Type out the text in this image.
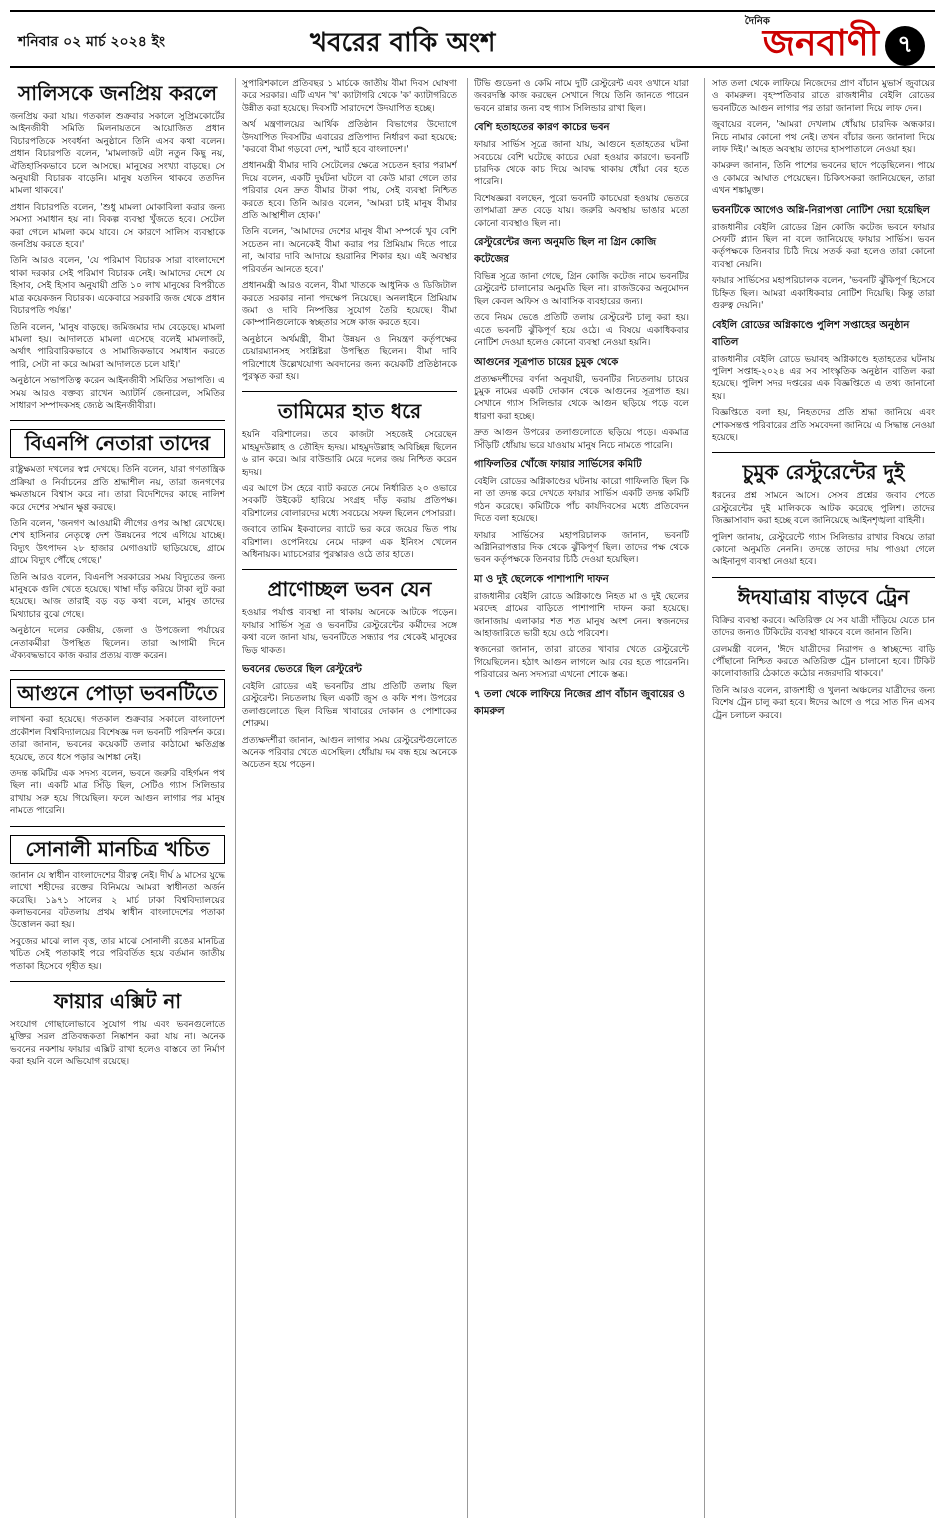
শনিবার ০২ মার্চ ২০২৪ ইং	খবরের বাকি অংশ
দৈনিক
জনবাণী ৭
সালিসকে জনপ্রিয় করলে

জনপ্রিয় করা যায়। গতকাল শুক্রবার সকালে সুপ্রিমকোর্টের আইনজীবী সমিতি মিলনায়তনে আয়োজিত প্রধান বিচারপতিকে সংবর্ধনা অনুষ্ঠানে তিনি এসব কথা বলেন। প্রধান বিচারপতি বলেন, 'মামলাজট এটা নতুন কিছু নয়, ঐতিহাসিকভাবে চলে আসছে। মানুষের সংখ্যা বাড়ছে। সে অনুযায়ী বিচারক বাড়েনি। মানুষ যতদিন থাকবে ততদিন মামলা থাকবে।'

প্রধান বিচারপতি বলেন, 'শুধু মামলা মোকাবিলা করার জন্য সমস্যা সমাধান হয় না। বিকল্প ব্যবস্থা খুঁজতে হবে। সেটেল করা গেলে মামলা কমে যাবে। সে কারণে সালিস ব্যবস্থাকে জনপ্রিয় করতে হবে।'

তিনি আরও বলেন, 'যে পরিমাণ বিচারক সারা বাংলাদেশে থাকা দরকার সেই পরিমাণ বিচারক নেই। আমাদের দেশে যে হিসাব, সেই হিসাব অনুযায়ী প্রতি ১০ লাখ মানুষের বিপরীতে মাত্র কয়েকজন বিচারক। একেবারে সরকারি জজ থেকে প্রধান বিচারপতি পর্যন্ত।'

তিনি বলেন, 'মানুষ বাড়ছে। জমিজমার দাম বেড়েছে। মামলা মামলা হয়। আদালতে মামলা এসেছে বলেই মামলাজট, অর্থাৎ পারিবারিকভাবে ও সামাজিকভাবে সমাধান করতে পারি, সেটা না করে আমরা আদালতে চলে যাই।'

অনুষ্ঠানে সভাপতিত্ব করেন আইনজীবী সমিতির সভাপতি। এ সময় আরও বক্তব্য রাখেন অ্যাটর্নি জেনারেল, সমিতির সাধারণ সম্পাদকসহ জ্যেষ্ঠ আইনজীবীরা।

বিএনপি নেতারা তাদের

রাষ্ট্রক্ষমতা দখলের স্বপ্ন দেখছে। তিনি বলেন, যারা গণতান্ত্রিক প্রক্রিয়া ও নির্বাচনের প্রতি শ্রদ্ধাশীল নয়, তারা জনগণের ক্ষমতায়নে বিশ্বাস করে না। তারা বিদেশিদের কাছে নালিশ করে দেশের সম্মান ক্ষুণ্ণ করছে।

তিনি বলেন, 'জনগণ আওয়ামী লীগের ওপর আস্থা রেখেছে। শেখ হাসিনার নেতৃত্বে দেশ উন্নয়নের পথে এগিয়ে যাচ্ছে। বিদ্যুৎ উৎপাদন ২৮ হাজার মেগাওয়াট ছাড়িয়েছে, গ্রামে গ্রামে বিদ্যুৎ পৌঁছে গেছে।'

তিনি আরও বলেন, বিএনপি সরকারের সময় বিদ্যুতের জন্য মানুষকে গুলি খেতে হয়েছে। খাম্বা দাঁড় করিয়ে টাকা লুট করা হয়েছে। আজ তারাই বড় বড় কথা বলে, মানুষ তাদের মিথ্যাচার বুঝে গেছে।

অনুষ্ঠানে দলের কেন্দ্রীয়, জেলা ও উপজেলা পর্যায়ের নেতাকর্মীরা উপস্থিত ছিলেন। তারা আগামী দিনে ঐক্যবদ্ধভাবে কাজ করার প্রত্যয় ব্যক্ত করেন।

আগুনে পোড়া ভবনটিতে

লাখনা করা হয়েছে। গতকাল শুক্রবার সকালে বাংলাদেশ প্রকৌশল বিশ্ববিদ্যালয়ের বিশেষজ্ঞ দল ভবনটি পরিদর্শন করে। তারা জানান, ভবনের কয়েকটি তলার কাঠামো ক্ষতিগ্রস্ত হয়েছে, তবে ধসে পড়ার আশঙ্কা নেই।

তদন্ত কমিটির এক সদস্য বলেন, ভবনে জরুরি বহির্গমন পথ ছিল না। একটি মাত্র সিঁড়ি ছিল, সেটিও গ্যাস সিলিন্ডার রাখায় সরু হয়ে গিয়েছিল। ফলে আগুন লাগার পর মানুষ নামতে পারেনি।

সোনালী মানচিত্র খচিত

জানান যে স্বাধীন বাংলাদেশের বীরত্ব নেই। দীর্ঘ ৯ মাসের যুদ্ধে লাখো শহীদের রক্তের বিনিময়ে আমরা স্বাধীনতা অর্জন করেছি। ১৯৭১ সালের ২ মার্চ ঢাকা বিশ্ববিদ্যালয়ের কলাভবনের বটতলায় প্রথম স্বাধীন বাংলাদেশের পতাকা উত্তোলন করা হয়।

সবুজের মাঝে লাল বৃত্ত, তার মাঝে সোনালী রঙের মানচিত্র খচিত সেই পতাকাই পরে পরিবর্তিত হয়ে বর্তমান জাতীয় পতাকা হিসেবে গৃহীত হয়।

ফায়ার এক্সিট না

সংযোগ গোছালোভাবে সুযোগ পায় এবং ভবনগুলোতে মুক্তির সরল প্রতিবন্ধকতা নিষ্কাশন করা যায় না। অনেক ভবনের নকশায় ফায়ার এক্সিট রাখা হলেও বাস্তবে তা নির্মাণ করা হয়নি বলে অভিযোগ রয়েছে।

সুপারিশকালে প্রতিবছর ১ মার্চকে জাতীয় বীমা দিবস ঘোষণা করে সরকার। এটি এখন 'খ' ক্যাটাগরি থেকে 'ক' ক্যাটাগরিতে উন্নীত করা হয়েছে। দিবসটি সারাদেশে উদযাপিত হচ্ছে।

অর্থ মন্ত্রণালয়ের আর্থিক প্রতিষ্ঠান বিভাগের উদ্যোগে উদযাপিত দিবসটির এবারের প্রতিপাদ্য নির্ধারণ করা হয়েছে: 'করবো বীমা গড়বো দেশ, স্মার্ট হবে বাংলাদেশ।'

প্রধানমন্ত্রী বীমার দাবি সেটেলের ক্ষেত্রে সচেতন হবার পরামর্শ দিয়ে বলেন, একটি দুর্ঘটনা ঘটলে বা কেউ মারা গেলে তার পরিবার যেন দ্রুত বীমার টাকা পায়, সেই ব্যবস্থা নিশ্চিত করতে হবে। তিনি আরও বলেন, 'আমরা চাই মানুষ বীমার প্রতি আস্থাশীল হোক।'

তিনি বলেন, 'আমাদের দেশের মানুষ বীমা সম্পর্কে খুব বেশি সচেতন না। অনেকেই বীমা করার পর প্রিমিয়াম দিতে পারে না, আবার দাবি আদায়ে হয়রানির শিকার হয়। এই অবস্থার পরিবর্তন আনতে হবে।'

প্রধানমন্ত্রী আরও বলেন, বীমা খাতকে আধুনিক ও ডিজিটাল করতে সরকার নানা পদক্ষেপ নিয়েছে। অনলাইনে প্রিমিয়াম জমা ও দাবি নিষ্পত্তির সুযোগ তৈরি হয়েছে। বীমা কোম্পানিগুলোকে স্বচ্ছতার সঙ্গে কাজ করতে হবে।

অনুষ্ঠানে অর্থমন্ত্রী, বীমা উন্নয়ন ও নিয়ন্ত্রণ কর্তৃপক্ষের চেয়ারম্যানসহ সংশ্লিষ্টরা উপস্থিত ছিলেন। বীমা দাবি পরিশোধে উল্লেখযোগ্য অবদানের জন্য কয়েকটি প্রতিষ্ঠানকে পুরস্কৃত করা হয়।

তামিমের হাত ধরে

হয়নি বরিশালের। তবে কাজটা সহজেই সেরেছেন মাহমুদউল্লাহ ও তৌহিদ হৃদয়। মাহমুদউল্লাহ অবিচ্ছিন্ন ছিলেন ৬ রান করে। আর বাউন্ডারি মেরে দলের জয় নিশ্চিত করেন হৃদয়।

এর আগে টস হেরে ব্যাট করতে নেমে নির্ধারিত ২০ ওভারে সবকটি উইকেট হারিয়ে সংগ্রহ দাঁড় করায় প্রতিপক্ষ। বরিশালের বোলারদের মধ্যে সবচেয়ে সফল ছিলেন পেসাররা।

জবাবে তামিম ইকবালের ব্যাটে ভর করে জয়ের ভিত পায় বরিশাল। ওপেনিংয়ে নেমে দারুণ এক ইনিংস খেলেন অধিনায়ক। ম্যাচসেরার পুরস্কারও ওঠে তার হাতে।

প্রাণোচ্ছল ভবন যেন

হওয়ার পর্যাপ্ত ব্যবস্থা না থাকায় অনেকে আটকে পড়েন। ফায়ার সার্ভিস সূত্র ও ভবনটির রেস্টুরেন্টের কর্মীদের সঙ্গে কথা বলে জানা যায়, ভবনটিতে সন্ধ্যার পর থেকেই মানুষের ভিড় থাকত।

ভবনের ভেতরে ছিল রেস্টুরেন্ট

বেইলি রোডের এই ভবনটির প্রায় প্রতিটি তলায় ছিল রেস্টুরেন্ট। নিচতলায় ছিল একটি জুস ও কফি শপ। উপরের তলাগুলোতে ছিল বিভিন্ন খাবারের দোকান ও পোশাকের শোরুম।

প্রত্যক্ষদর্শীরা জানান, আগুন লাগার সময় রেস্টুরেন্টগুলোতে অনেক পরিবার খেতে এসেছিল। ধোঁয়ায় দম বন্ধ হয়ে অনেকে অচেতন হয়ে পড়েন।

টিভি গুডেনা ও কেমি নামে দুটি রেস্টুরেন্ট এবং ওখানে যারা জবরদস্তি কাজ করছেন সেখানে গিয়ে তিনি জানতে পারেন ভবনে রান্নার জন্য বহু গ্যাস সিলিন্ডার রাখা ছিল।

বেশি হতাহতের কারণ কাচের ভবন

ফায়ার সার্ভিস সূত্রে জানা যায়, আগুনে হতাহতের ঘটনা সবচেয়ে বেশি ঘটেছে কাচের ঘেরা হওয়ার কারণে। ভবনটি চারদিক থেকে কাচ দিয়ে আবদ্ধ থাকায় ধোঁয়া বের হতে পারেনি।

বিশেষজ্ঞরা বলছেন, পুরো ভবনটি কাচঘেরা হওয়ায় ভেতরে তাপমাত্রা দ্রুত বেড়ে যায়। জরুরি অবস্থায় ভাঙার মতো কোনো ব্যবস্থাও ছিল না।

রেস্টুরেন্টের জন্য অনুমতি ছিল না গ্রিন কোজি কটেজের

বিভিন্ন সূত্রে জানা গেছে, গ্রিন কোজি কটেজ নামে ভবনটির রেস্টুরেন্ট চালানোর অনুমতি ছিল না। রাজউকের অনুমোদন ছিল কেবল অফিস ও আবাসিক ব্যবহারের জন্য।

তবে নিয়ম ভেঙে প্রতিটি তলায় রেস্টুরেন্ট চালু করা হয়। এতে ভবনটি ঝুঁকিপূর্ণ হয়ে ওঠে। এ বিষয়ে একাধিকবার নোটিশ দেওয়া হলেও কোনো ব্যবস্থা নেওয়া হয়নি।

আগুনের সূত্রপাত চায়ের চুমুক থেকে

প্রত্যক্ষদর্শীদের বর্ণনা অনুযায়ী, ভবনটির নিচতলায় চায়ের চুমুক নামের একটি দোকান থেকে আগুনের সূত্রপাত হয়। সেখানে গ্যাস সিলিন্ডার থেকে আগুন ছড়িয়ে পড়ে বলে ধারণা করা হচ্ছে।

দ্রুত আগুন উপরের তলাগুলোতে ছড়িয়ে পড়ে। একমাত্র সিঁড়িটি ধোঁয়ায় ভরে যাওয়ায় মানুষ নিচে নামতে পারেনি।

গাফিলতির খোঁজে ফায়ার সার্ভিসের কমিটি

বেইলি রোডের অগ্নিকাণ্ডের ঘটনায় কারো গাফিলতি ছিল কি না তা তদন্ত করে দেখতে ফায়ার সার্ভিস একটি তদন্ত কমিটি গঠন করেছে। কমিটিকে পাঁচ কার্যদিবসের মধ্যে প্রতিবেদন দিতে বলা হয়েছে।

ফায়ার সার্ভিসের মহাপরিচালক জানান, ভবনটি অগ্নিনিরাপত্তার দিক থেকে ঝুঁকিপূর্ণ ছিল। তাদের পক্ষ থেকে ভবন কর্তৃপক্ষকে তিনবার চিঠি দেওয়া হয়েছিল।

মা ও দুই ছেলেকে পাশাপাশি দাফন

রাজধানীর বেইলি রোডে অগ্নিকাণ্ডে নিহত মা ও দুই ছেলের মরদেহ গ্রামের বাড়িতে পাশাপাশি দাফন করা হয়েছে। জানাজায় এলাকার শত শত মানুষ অংশ নেন। স্বজনদের আহাজারিতে ভারী হয়ে ওঠে পরিবেশ।

স্বজনেরা জানান, তারা রাতের খাবার খেতে রেস্টুরেন্টে গিয়েছিলেন। হঠাৎ আগুন লাগলে আর বের হতে পারেননি। পরিবারের অন্য সদস্যরা এখনো শোকে স্তব্ধ।

৭ তলা থেকে লাফিয়ে নিজের প্রাণ বাঁচান জুবায়ের ও কামরুল

সাত তলা থেকে লাফিয়ে নিজেদের প্রাণ বাঁচান মুভার্স জুবায়ের ও কামরুল। বৃহস্পতিবার রাতে রাজধানীর বেইলি রোডের ভবনটিতে আগুন লাগার পর তারা জানালা দিয়ে লাফ দেন।

জুবায়ের বলেন, 'আমরা দেখলাম ধোঁয়ায় চারদিক অন্ধকার। নিচে নামার কোনো পথ নেই। তখন বাঁচার জন্য জানালা দিয়ে লাফ দিই।' আহত অবস্থায় তাদের হাসপাতালে নেওয়া হয়।

কামরুল জানান, তিনি পাশের ভবনের ছাদে পড়েছিলেন। পায়ে ও কোমরে আঘাত পেয়েছেন। চিকিৎসকরা জানিয়েছেন, তারা এখন শঙ্কামুক্ত।

ভবনটিকে আগেও অগ্নি-নিরাপত্তা নোটিশ দেয়া হয়েছিল

রাজধানীর বেইলি রোডের গ্রিন কোজি কটেজ ভবনে ফায়ার সেফটি প্ল্যান ছিল না বলে জানিয়েছে ফায়ার সার্ভিস। ভবন কর্তৃপক্ষকে তিনবার চিঠি দিয়ে সতর্ক করা হলেও তারা কোনো ব্যবস্থা নেয়নি।

ফায়ার সার্ভিসের মহাপরিচালক বলেন, 'ভবনটি ঝুঁকিপূর্ণ হিসেবে চিহ্নিত ছিল। আমরা একাধিকবার নোটিশ দিয়েছি। কিন্তু তারা গুরুত্ব দেয়নি।'

বেইলি রোডের অগ্নিকাণ্ডে পুলিশ সপ্তাহের অনুষ্ঠান বাতিল

রাজধানীর বেইলি রোডে ভয়াবহ অগ্নিকাণ্ডে হতাহতের ঘটনায় পুলিশ সপ্তাহ-২০২৪ এর সব সাংস্কৃতিক অনুষ্ঠান বাতিল করা হয়েছে। পুলিশ সদর দপ্তরের এক বিজ্ঞপ্তিতে এ তথ্য জানানো হয়।

বিজ্ঞপ্তিতে বলা হয়, নিহতদের প্রতি শ্রদ্ধা জানিয়ে এবং শোকসন্তপ্ত পরিবারের প্রতি সমবেদনা জানিয়ে এ সিদ্ধান্ত নেওয়া হয়েছে।

চুমুক রেস্টুরেন্টের দুই

ধরনের প্রশ্ন সামনে আসে। সেসব প্রশ্নের জবাব পেতে রেস্টুরেন্টের দুই মালিককে আটক করেছে পুলিশ। তাদের জিজ্ঞাসাবাদ করা হচ্ছে বলে জানিয়েছে আইনশৃঙ্খলা বাহিনী।

পুলিশ জানায়, রেস্টুরেন্টে গ্যাস সিলিন্ডার রাখার বিষয়ে তারা কোনো অনুমতি নেননি। তদন্তে তাদের দায় পাওয়া গেলে আইনানুগ ব্যবস্থা নেওয়া হবে।

ঈদযাত্রায় বাড়বে ট্রেন

বিক্রির ব্যবস্থা করবে। অতিরিক্ত যে সব যাত্রী দাঁড়িয়ে যেতে চান তাদের জন্যও টিকিটের ব্যবস্থা থাকবে বলে জানান তিনি।

রেলমন্ত্রী বলেন, 'ঈদে যাত্রীদের নিরাপদ ও স্বাচ্ছন্দ্যে বাড়ি পৌঁছানো নিশ্চিত করতে অতিরিক্ত ট্রেন চালানো হবে। টিকিট কালোবাজারি ঠেকাতে কঠোর নজরদারি থাকবে।'

তিনি আরও বলেন, রাজশাহী ও খুলনা অঞ্চলের যাত্রীদের জন্য বিশেষ ট্রেন চালু করা হবে। ঈদের আগে ও পরে সাত দিন এসব ট্রেন চলাচল করবে।
